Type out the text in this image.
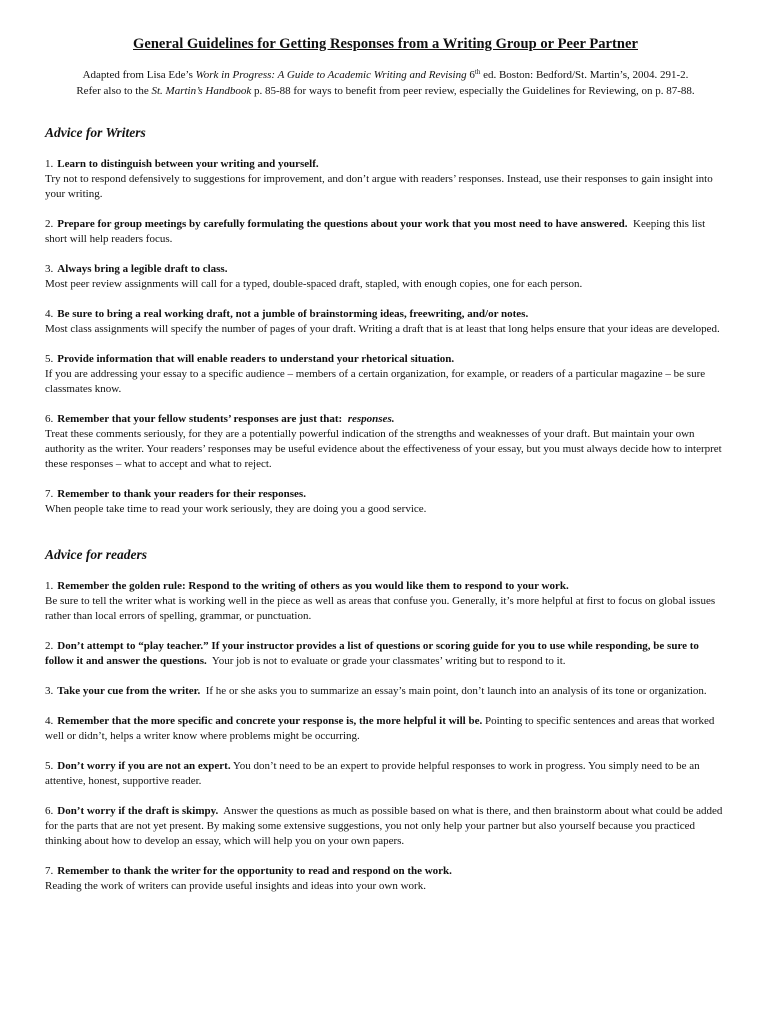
General Guidelines for Getting Responses from a Writing Group or Peer Partner
Adapted from Lisa Ede’s Work in Progress: A Guide to Academic Writing and Revising 6th ed. Boston: Bedford/St. Martin’s, 2004. 291-2.
Refer also to the St. Martin’s Handbook p. 85-88 for ways to benefit from peer review, especially the Guidelines for Reviewing, on p. 87-88.
Advice for Writers
1. Learn to distinguish between your writing and yourself.
Try not to respond defensively to suggestions for improvement, and don’t argue with readers’ responses. Instead, use their responses to gain insight into your writing.
2. Prepare for group meetings by carefully formulating the questions about your work that you most need to have answered. Keeping this list short will help readers focus.
3. Always bring a legible draft to class.
Most peer review assignments will call for a typed, double-spaced draft, stapled, with enough copies, one for each person.
4. Be sure to bring a real working draft, not a jumble of brainstorming ideas, freewriting, and/or notes.
Most class assignments will specify the number of pages of your draft. Writing a draft that is at least that long helps ensure that your ideas are developed.
5. Provide information that will enable readers to understand your rhetorical situation.
If you are addressing your essay to a specific audience – members of a certain organization, for example, or readers of a particular magazine – be sure classmates know.
6. Remember that your fellow students’ responses are just that: responses.
Treat these comments seriously, for they are a potentially powerful indication of the strengths and weaknesses of your draft. But maintain your own authority as the writer. Your readers’ responses may be useful evidence about the effectiveness of your essay, but you must always decide how to interpret these responses – what to accept and what to reject.
7. Remember to thank your readers for their responses.
When people take time to read your work seriously, they are doing you a good service.
Advice for readers
1. Remember the golden rule: Respond to the writing of others as you would like them to respond to your work.
Be sure to tell the writer what is working well in the piece as well as areas that confuse you. Generally, it’s more helpful at first to focus on global issues rather than local errors of spelling, grammar, or punctuation.
2. Don’t attempt to “play teacher.” If your instructor provides a list of questions or scoring guide for you to use while responding, be sure to follow it and answer the questions. Your job is not to evaluate or grade your classmates’ writing but to respond to it.
3. Take your cue from the writer. If he or she asks you to summarize an essay’s main point, don’t launch into an analysis of its tone or organization.
4. Remember that the more specific and concrete your response is, the more helpful it will be. Pointing to specific sentences and areas that worked well or didn’t, helps a writer know where problems might be occurring.
5. Don’t worry if you are not an expert. You don’t need to be an expert to provide helpful responses to work in progress. You simply need to be an attentive, honest, supportive reader.
6. Don’t worry if the draft is skimpy. Answer the questions as much as possible based on what is there, and then brainstorm about what could be added for the parts that are not yet present. By making some extensive suggestions, you not only help your partner but also yourself because you practiced thinking about how to develop an essay, which will help you on your own papers.
7. Remember to thank the writer for the opportunity to read and respond on the work.
Reading the work of writers can provide useful insights and ideas into your own work.
